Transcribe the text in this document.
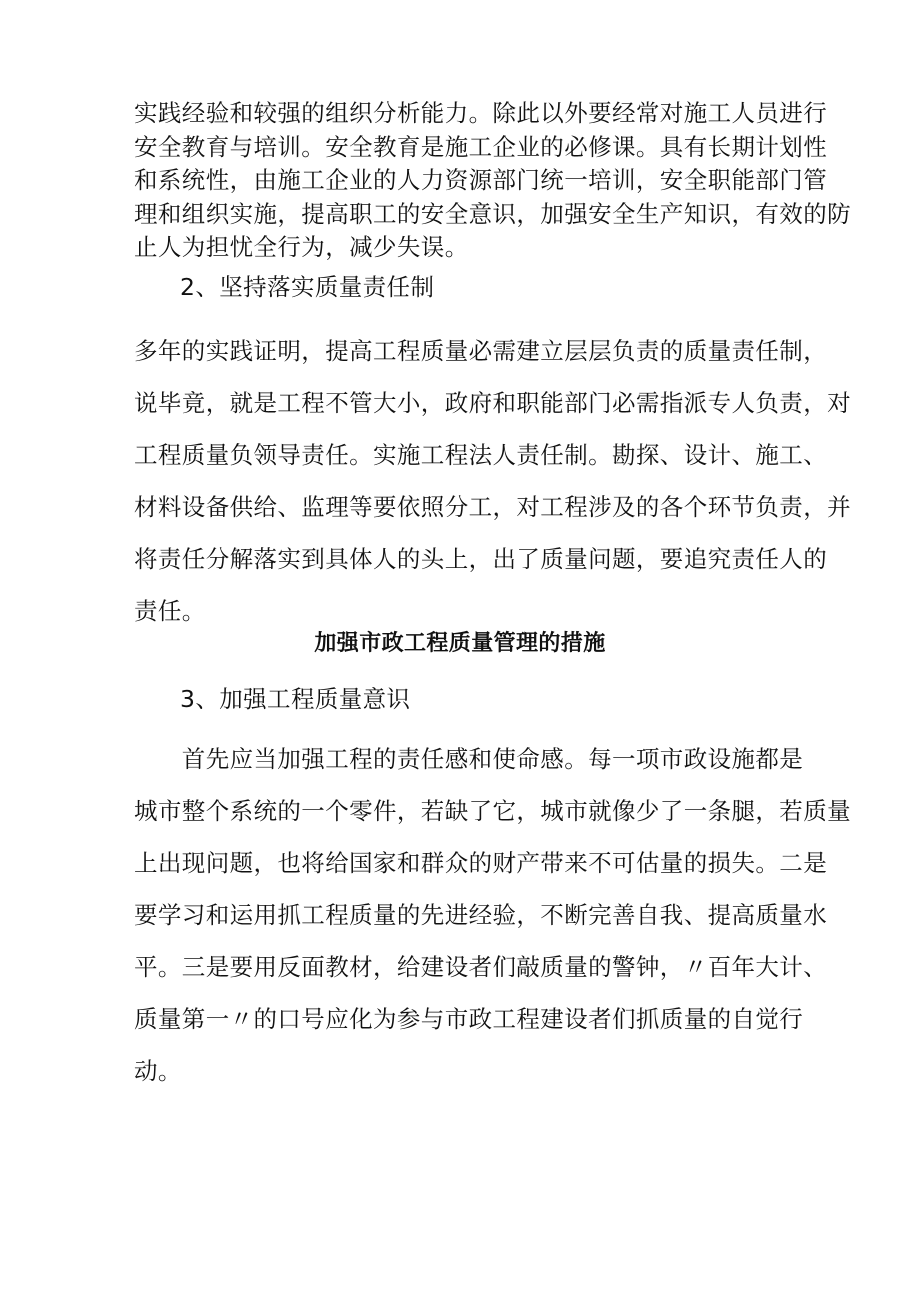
实践经验和较强的组织分析能力。除此以外要经常对施工人员进行
安全教育与培训。安全教育是施工企业的必修课。具有长期计划性
和系统性，由施工企业的人力资源部门统一培训，安全职能部门管
理和组织实施，提高职工的安全意识，加强安全生产知识，有效的防
止人为担忧全行为，减少失误。
2、坚持落实质量责任制
多年的实践证明，提高工程质量必需建立层层负责的质量责任制，
说毕竟，就是工程不管大小，政府和职能部门必需指派专人负责，对
工程质量负领导责任。实施工程法人责任制。勘探、设计、施工、
材料设备供给、监理等要依照分工，对工程涉及的各个环节负责，并
将责任分解落实到具体人的头上，出了质量问题，要追究责任人的
责任。
加强市政工程质量管理的措施
3、加强工程质量意识
　　首先应当加强工程的责任感和使命感。每一项市政设施都是
城市整个系统的一个零件，若缺了它，城市就像少了一条腿，若质量
上出现问题，也将给国家和群众的财产带来不可估量的损失。二是
要学习和运用抓工程质量的先进经验，不断完善自我、提高质量水
平。三是要用反面教材，给建设者们敲质量的警钟，〃百年大计、
质量第一〃的口号应化为参与市政工程建设者们抓质量的自觉行
动。
